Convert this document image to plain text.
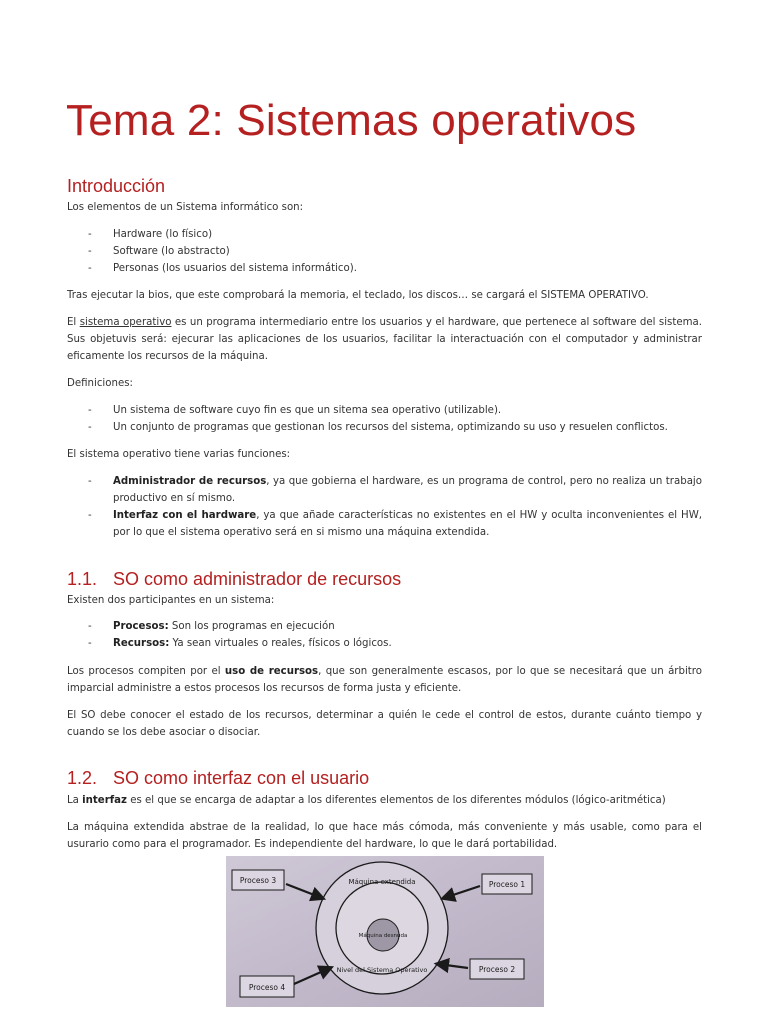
Tema 2: Sistemas operativos
Introducción

Los elementos de un Sistema informático son:

- Hardware (lo físico)
- Software (lo abstracto)
- Personas (los usuarios del sistema informático).

Tras ejecutar la bios, que este comprobará la memoria, el teclado, los discos… se cargará el SISTEMA OPERATIVO.

El sistema operativo es un programa intermediario entre los usuarios y el hardware, que pertenece al software del sistema. Sus objetuvis será: ejecurar las aplicaciones de los usuarios, facilitar la interactuación con el computador y administrar eficamente los recursos de la máquina.

Definiciones:

- Un sistema de software cuyo fin es que un sitema sea operativo (utilizable).
- Un conjunto de programas que gestionan los recursos del sistema, optimizando su uso y resuelen conflictos.

El sistema operativo tiene varias funciones:

- Administrador de recursos, ya que gobierna el hardware, es un programa de control, pero no realiza un trabajo productivo en sí mismo.
- Interfaz con el hardware, ya que añade características no existentes en el HW y oculta inconvenientes el HW, por lo que el sistema operativo será en si mismo una máquina extendida.
1.1. SO como administrador de recursos

Existen dos participantes en un sistema:

- Procesos: Son los programas en ejecución
- Recursos: Ya sean virtuales o reales, físicos o lógicos.

Los procesos compiten por el uso de recursos, que son generalmente escasos, por lo que se necesitará que un árbitro imparcial administre a estos procesos los recursos de forma justa y eficiente.

El SO debe conocer el estado de los recursos, determinar a quién le cede el control de estos, durante cuánto tiempo y cuando se los debe asociar o disociar.

1.2. SO como interfaz con el usuario

La interfaz es el que se encarga de adaptar a los diferentes elementos de los diferentes módulos (lógico-aritmética)

La máquina extendida abstrae de la realidad, lo que hace más cómoda, más conveniente y más usable, como para el usurario como para el programador. Es independiente del hardware, lo que le dará portabilidad.

Máquina extendida
Máquina desnuda
Nivel del Sistema Operativo
Proceso 3	Proceso 1
Proceso 4
Proceso 2
